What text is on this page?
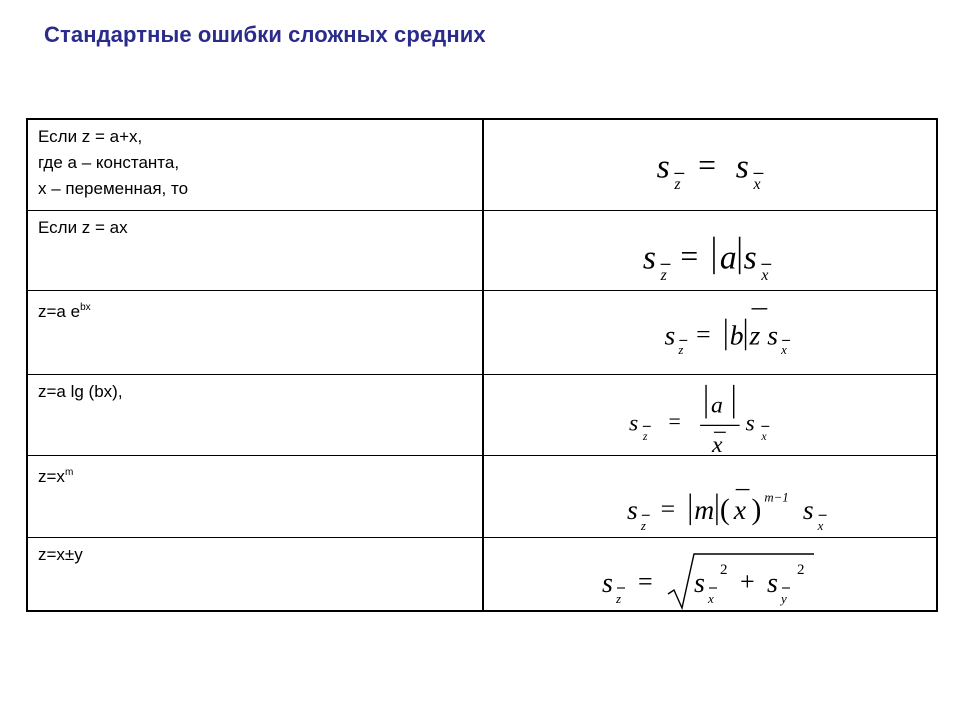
Стандартные ошибки сложных средних
Если z = a+x,
где а – константа,
х – переменная, то
s z
= s x
Если z = ax
s z
= a s x
z=a $e^{bx}$
s z
= b z s x
z=a lg (bx),
s z
=
a
x
s x
$z=x^m$
s
z
= m ( x ) m−1 s
x
z=x±y
s z
= s x
2 + s y
2
